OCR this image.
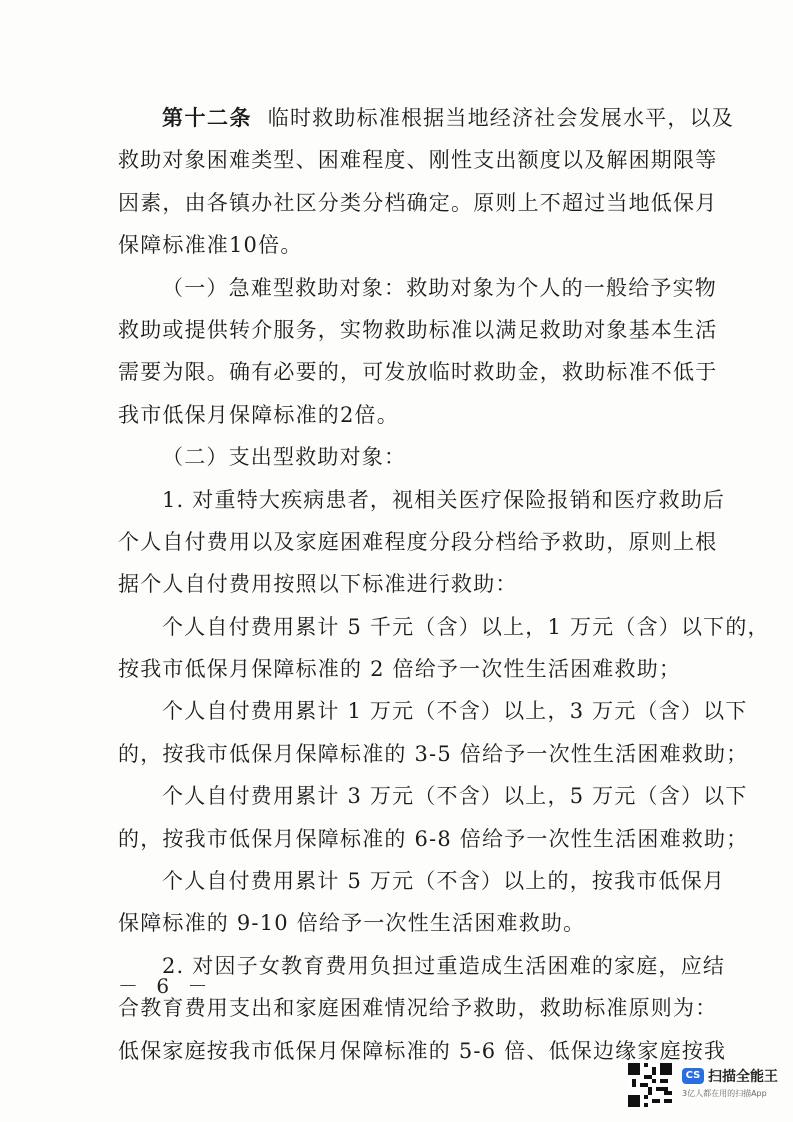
第十二条 临时救助标准根据当地经济社会发展水平，以及
救助对象困难类型、困难程度、刚性支出额度以及解困期限等
因素，由各镇办社区分类分档确定。原则上不超过当地低保月
保障标准准10倍。
（一）急难型救助对象：救助对象为个人的一般给予实物
救助或提供转介服务，实物救助标准以满足救助对象基本生活
需要为限。确有必要的，可发放临时救助金，救助标准不低于
我市低保月保障标准的2倍。
（二）支出型救助对象：
1. 对重特大疾病患者，视相关医疗保险报销和医疗救助后
个人自付费用以及家庭困难程度分段分档给予救助，原则上根
据个人自付费用按照以下标准进行救助：
个人自付费用累计 5 千元（含）以上，1 万元（含）以下的，
按我市低保月保障标准的 2 倍给予一次性生活困难救助；
个人自付费用累计 1 万元（不含）以上，3 万元（含）以下
的，按我市低保月保障标准的 3-5 倍给予一次性生活困难救助；
个人自付费用累计 3 万元（不含）以上，5 万元（含）以下
的，按我市低保月保障标准的 6-8 倍给予一次性生活困难救助；
个人自付费用累计 5 万元（不含）以上的，按我市低保月
保障标准的 9-10 倍给予一次性生活困难救助。
2. 对因子女教育费用负担过重造成生活困难的家庭，应结
合教育费用支出和家庭困难情况给予救助，救助标准原则为：
低保家庭按我市低保月保障标准的 5-6 倍、低保边缘家庭按我
－ 6 －
CS 扫描全能王
3亿人都在用的扫描App
